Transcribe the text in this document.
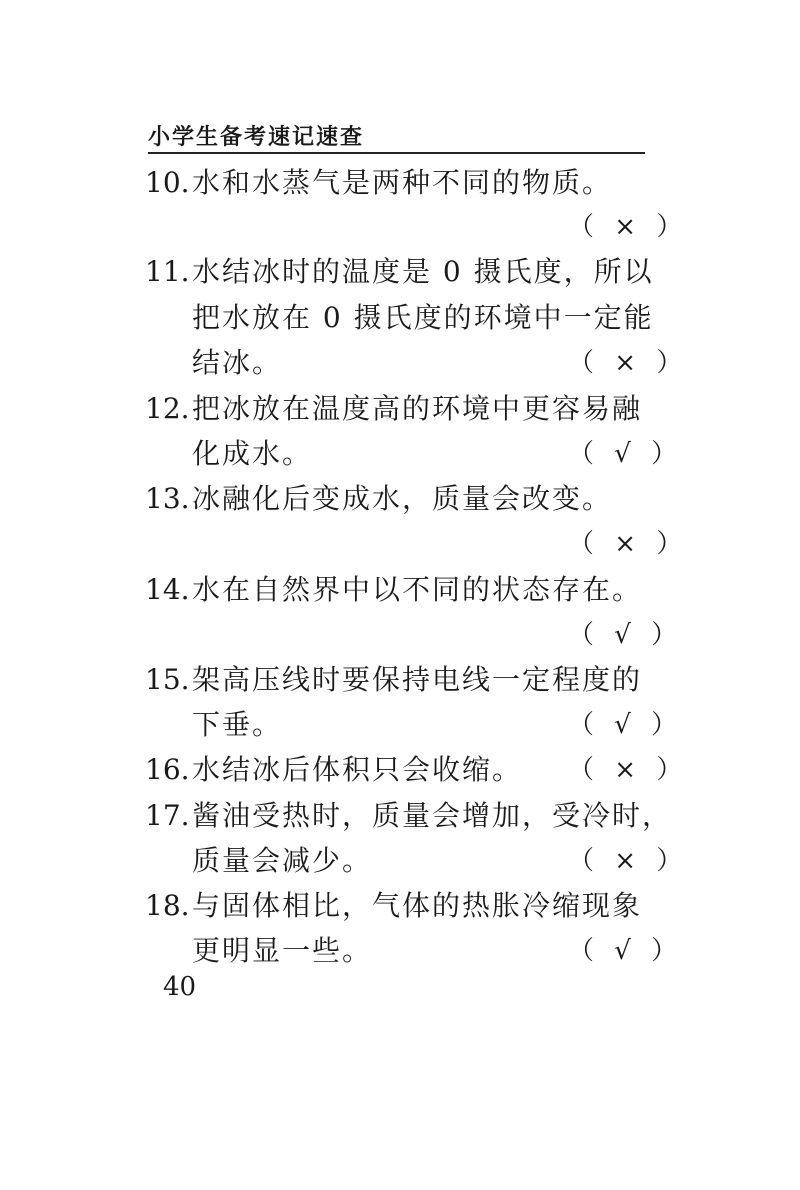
小学生备考速记速查
10. 水和水蒸气是两种不同的物质。
（ × ）
11. 水结冰时的温度是 0 摄氏度，所以
把水放在 0 摄氏度的环境中一定能
结冰。	（ × ）
12. 把冰放在温度高的环境中更容易融
化成水。	（ √ ）
13. 冰融化后变成水，质量会改变。
（ × ）
14. 水在自然界中以不同的状态存在。
（ √ ）
15. 架高压线时要保持电线一定程度的
下垂。	（ √ ）
16. 水结冰后体积只会收缩。 （ × ）
17. 酱油受热时，质量会增加，受冷时，
质量会减少。	（ × ）
18. 与固体相比，气体的热胀冷缩现象
更明显一些。	（ √ ）
40
